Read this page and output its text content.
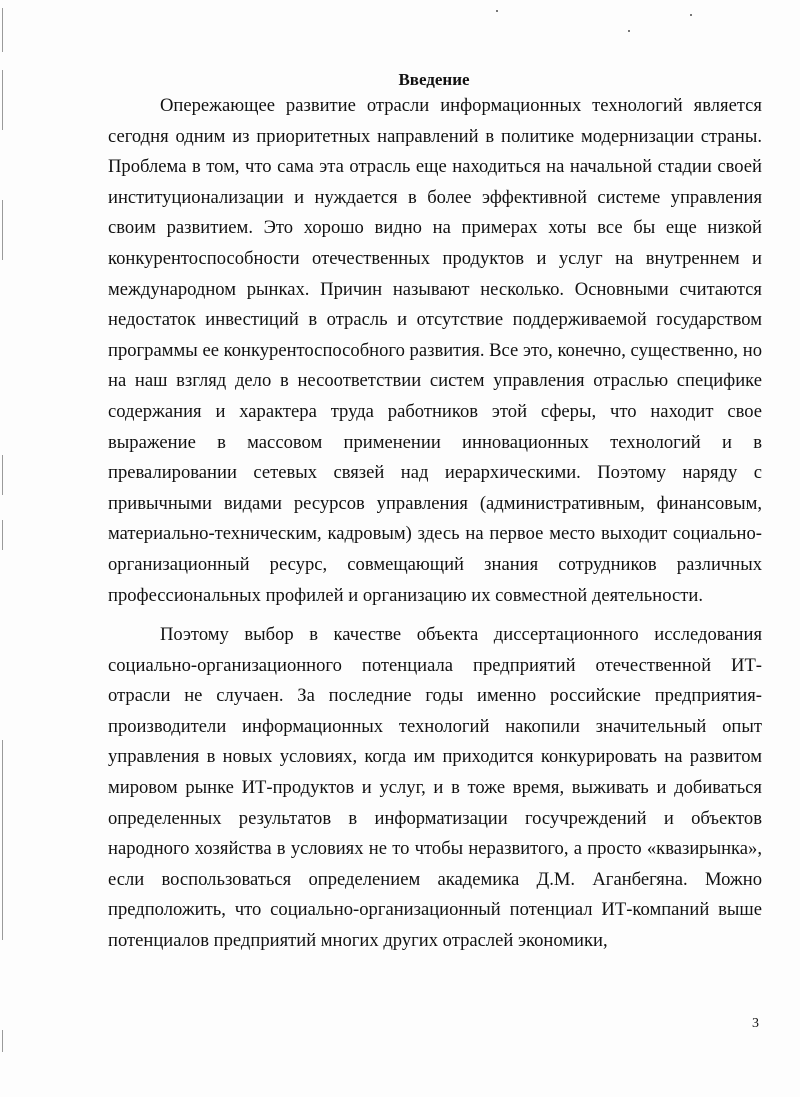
Введение

Опережающее развитие отрасли информационных технологий является сегодня одним из приоритетных направлений в политике модернизации страны. Проблема в том, что сама эта отрасль еще находиться на начальной стадии своей институционализации и нуждается в более эффективной системе управления своим развитием. Это хорошо видно на примерах хоты все бы еще низкой конкурентоспособности отечественных продуктов и услуг на внутреннем и международном рынках. Причин называют несколько. Основными считаются недостаток инвестиций в отрасль и отсутствие поддерживаемой государством программы ее конкурентоспособного развития. Все это, конечно, существенно, но на наш взгляд дело в несоответствии систем управления отраслью специфике содержания и характера труда работников этой сферы, что находит свое выражение в массовом применении инновационных технологий и в превалировании сетевых связей над иерархическими. Поэтому наряду с привычными видами ресурсов управления (административным, финансовым, материально-техническим, кадровым) здесь на первое место выходит социально-организационный ресурс, совмещающий знания сотрудников различных профессиональных профилей и организацию их совместной деятельности.

Поэтому выбор в качестве объекта диссертационного исследования социально-организационного потенциала предприятий отечественной ИТ-отрасли не случаен. За последние годы именно российские предприятия-производители информационных технологий накопили значительный опыт управления в новых условиях, когда им приходится конкурировать на развитом мировом рынке ИТ-продуктов и услуг, и в тоже время, выживать и добиваться определенных результатов в информатизации госучреждений и объектов народного хозяйства в условиях не то чтобы неразвитого, а просто «квазирынка», если воспользоваться определением академика Д.М. Аганбегяна. Можно предположить, что социально-организационный потенциал ИТ-компаний выше потенциалов предприятий многих других отраслей экономики,

3
